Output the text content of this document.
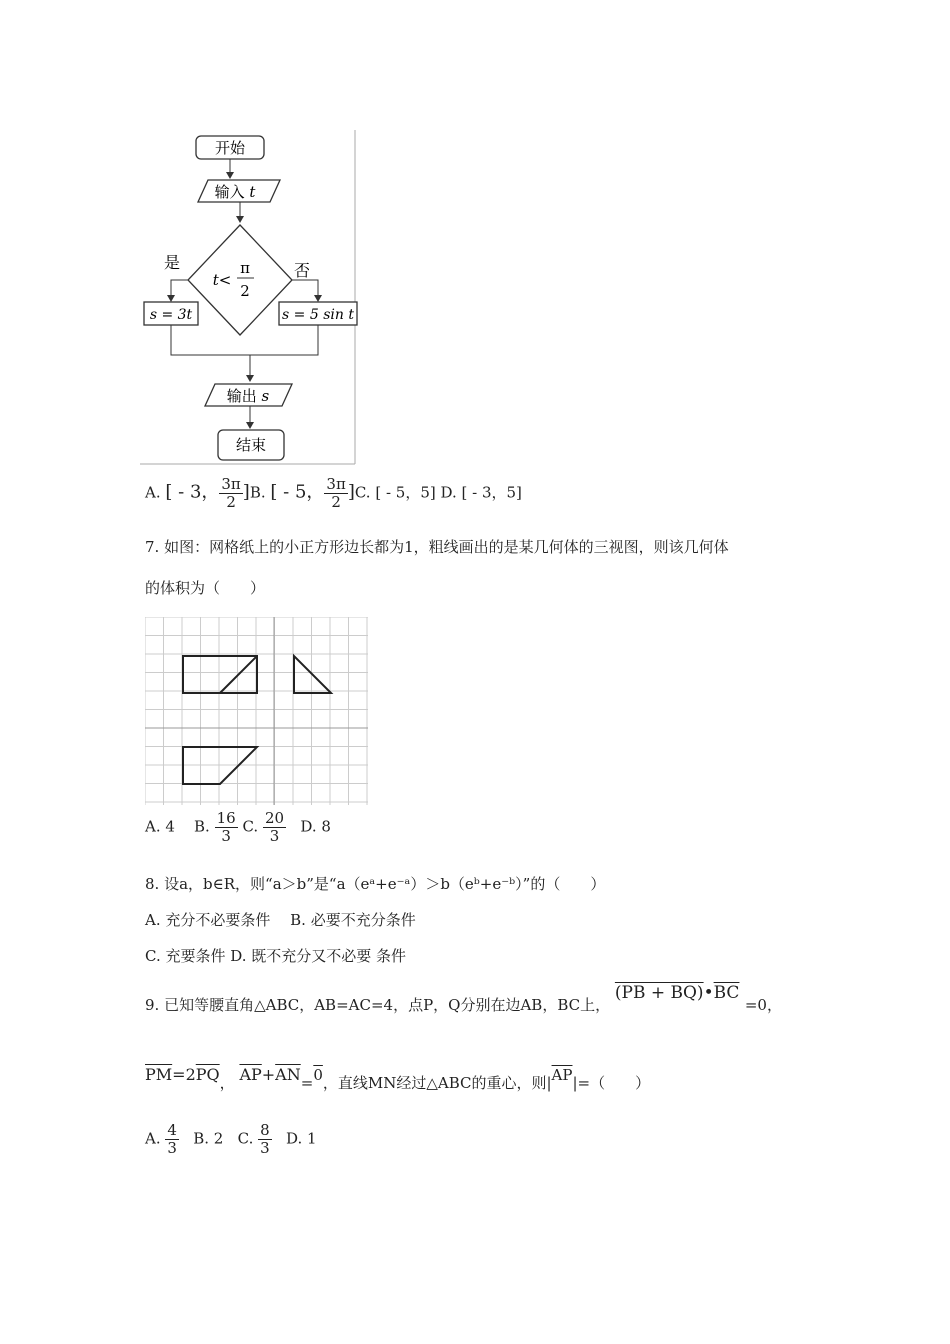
开始
输入 t
t<
π
2
是	否
s = 3t	s = 5 sin t
输出 s
结束
A. [ - 3， $\frac{3\pi}{2} ]B$. [ - 5， $\frac{3\pi}{2} ]C$. [ - 5，5] D. [ - 3，5]
7. 如图：网格纸上的小正方形边长都为1，粗线画出的是某几何体的三视图，则该几何体
的体积为（　　）
A. 4 B. $\frac{16}{3} C$. $\frac{20}{3} D$. 8
8. 设a，b∈R，则“a＞b”是“a（eᵃ+e⁻ᵃ）＞b（eᵇ+e⁻ᵇ）”的（　　）
A. 充分不必要条件　 B. 必要不充分条件
C. 充要条件 D. 既不充分又不必要 条件
9. 已知等腰直角△ABC，AB=AC=4，点P，Q分别在边AB，BC上， $(PB + BQ)•\overline{BC} =0$，
$\overline{PM}=2\overline{PQ}$， $\overline{AP}+\overline{AN}=0$，直线MN经过△ABC的重心，则$|\overline{AP}|=$（　　）
A. $\frac{4}{3} B$. 2 C. $\frac{8}{3} D$. 1
